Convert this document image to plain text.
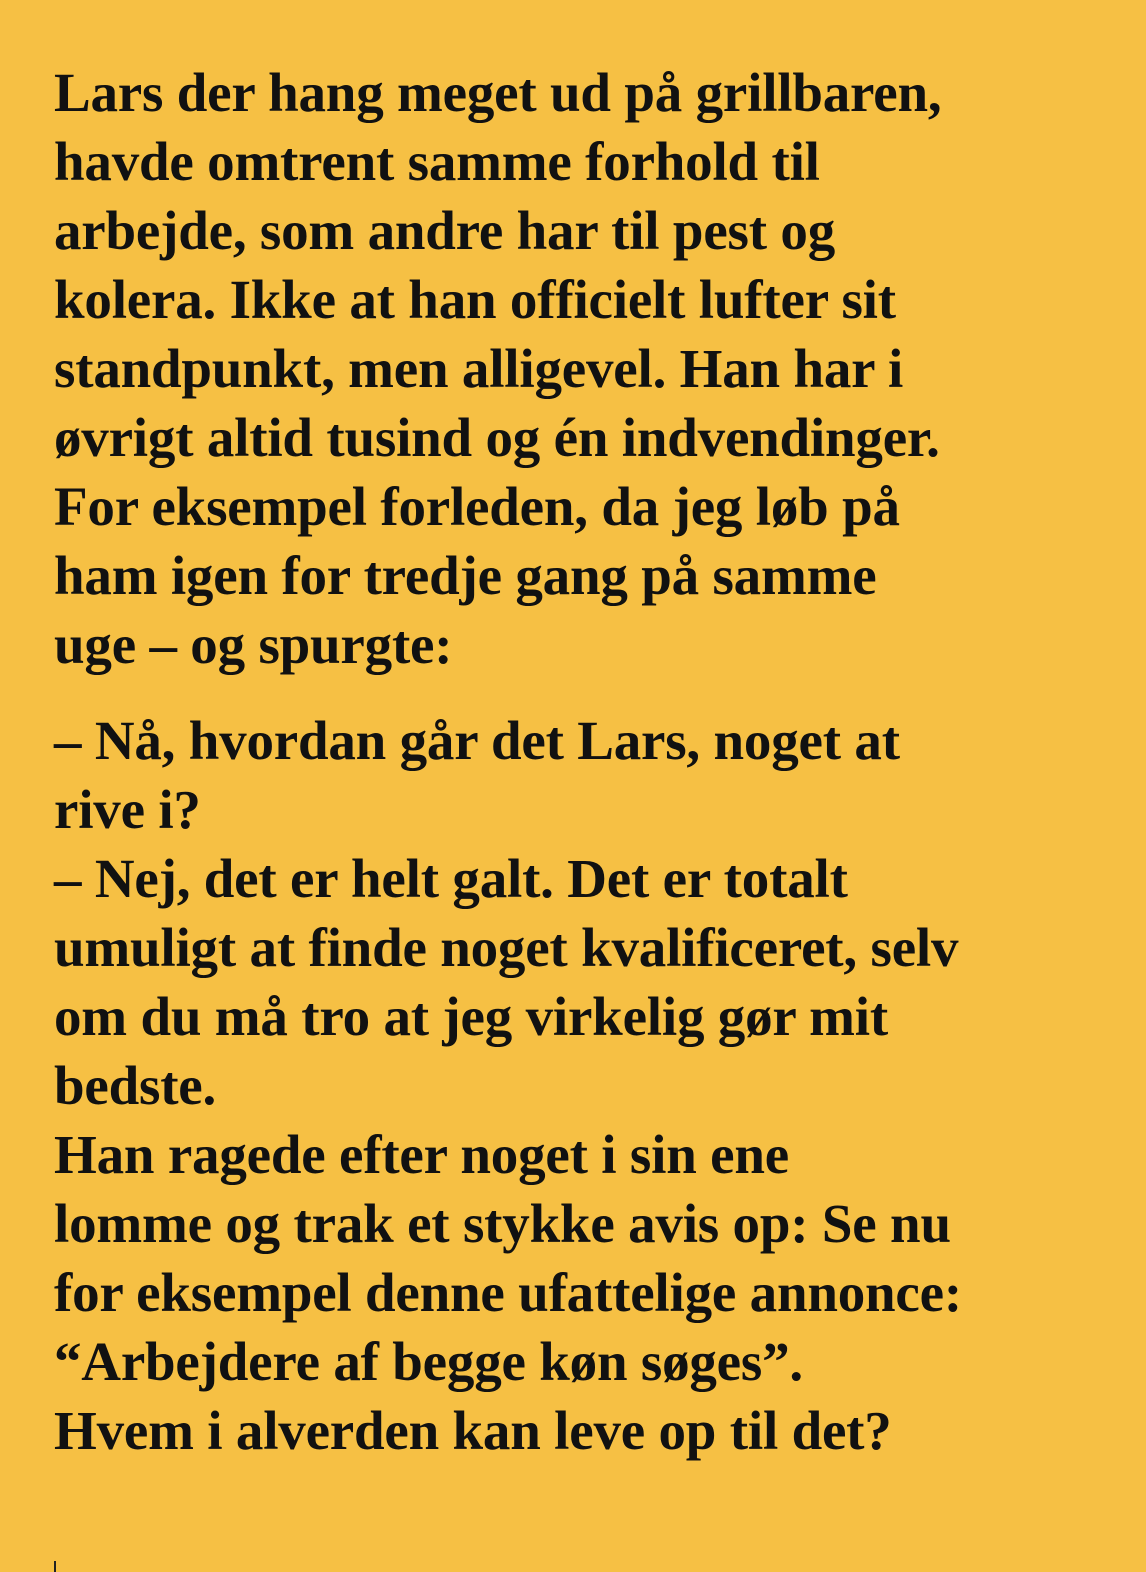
Lars der hang meget ud på grillbaren,
havde omtrent samme forhold til
arbejde, som andre har til pest og
kolera. Ikke at han officielt lufter sit
standpunkt, men alligevel. Han har i
øvrigt altid tusind og én indvendinger.
For eksempel forleden, da jeg løb på
ham igen for tredje gang på samme
uge – og spurgte:
– Nå, hvordan går det Lars, noget at
rive i?
– Nej, det er helt galt. Det er totalt
umuligt at finde noget kvalificeret, selv
om du må tro at jeg virkelig gør mit
bedste.
Han ragede efter noget i sin ene
lomme og trak et stykke avis op: Se nu
for eksempel denne ufattelige annonce:
“Arbejdere af begge køn søges”.
Hvem i alverden kan leve op til det?
